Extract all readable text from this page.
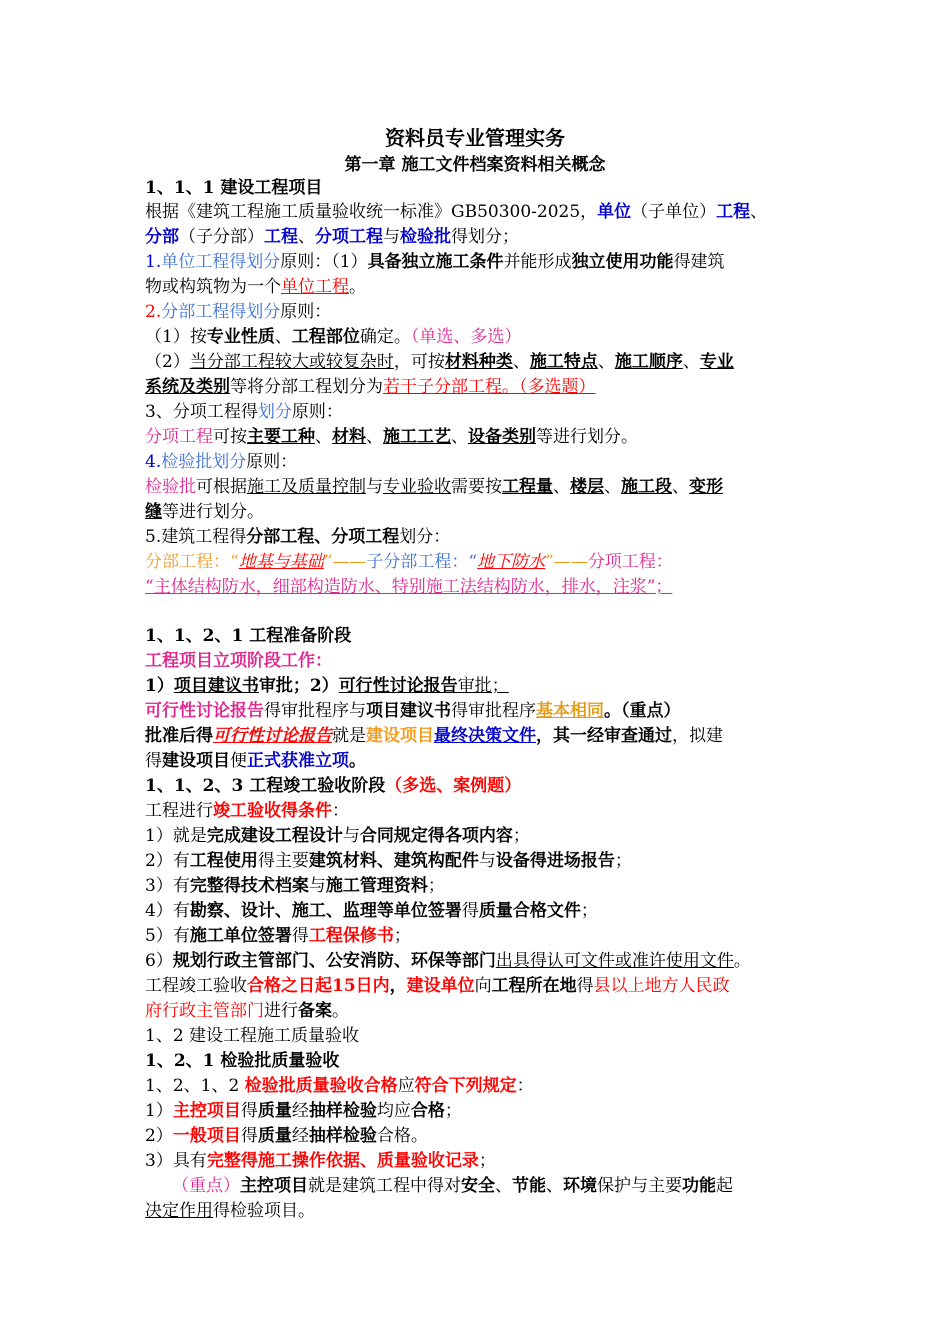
资料员专业管理实务
第一章 施工文件档案资料相关概念
1、1、1 建设工程项目
根据《建筑工程施工质量验收统一标准》GB50300-2025，单位（子单位）工程、
分部（子分部）工程、分项工程与检验批得划分；
1.单位工程得划分原则：（1）具备独立施工条件并能形成独立使用功能得建筑
物或构筑物为一个单位工程。
2.分部工程得划分原则：
（1）按专业性质、工程部位确定。（单选、多选）
（2）当分部工程较大或较复杂时，可按材料种类、施工特点、施工顺序、专业
系统及类别等将分部工程划分为若干子分部工程。（多选题）
3、分项工程得划分原则：
分项工程可按主要工种、材料、施工工艺、设备类别等进行划分。
4.检验批划分原则：
检验批可根据施工及质量控制与专业验收需要按工程量、楼层、施工段、变形
缝等进行划分。
5.建筑工程得分部工程、分项工程划分：
分部工程：“地基与基础”——子分部工程：“地下防水”——分项工程：
“主体结构防水，细部构造防水、特别施工法结构防水，排水，注浆”；
1、1、2、1 工程准备阶段
工程项目立项阶段工作：
1）项目建议书审批；2）可行性讨论报告审批；
可行性讨论报告得审批程序与项目建议书得审批程序基本相同。（重点）
批准后得可行性讨论报告就是建设项目最终决策文件，其一经审查通过，拟建
得建设项目便正式获准立项。
1、1、2、3 工程竣工验收阶段（多选、案例题）
工程进行竣工验收得条件：
1）就是完成建设工程设计与合同规定得各项内容；
2）有工程使用得主要建筑材料、建筑构配件与设备得进场报告；
3）有完整得技术档案与施工管理资料；
4）有勘察、设计、施工、监理等单位签署得质量合格文件；
5）有施工单位签署得工程保修书；
6）规划行政主管部门、公安消防、环保等部门出具得认可文件或准许使用文件。
工程竣工验收合格之日起15日内，建设单位向工程所在地得县以上地方人民政
府行政主管部门进行备案。
1、2 建设工程施工质量验收
1、2、1 检验批质量验收
1、2、1、2 检验批质量验收合格应符合下列规定：
1）主控项目得质量经抽样检验均应合格；
2）一般项目得质量经抽样检验合格。
3）具有完整得施工操作依据、质量验收记录；
（重点）主控项目就是建筑工程中得对安全、节能、环境保护与主要功能起
决定作用得检验项目。
